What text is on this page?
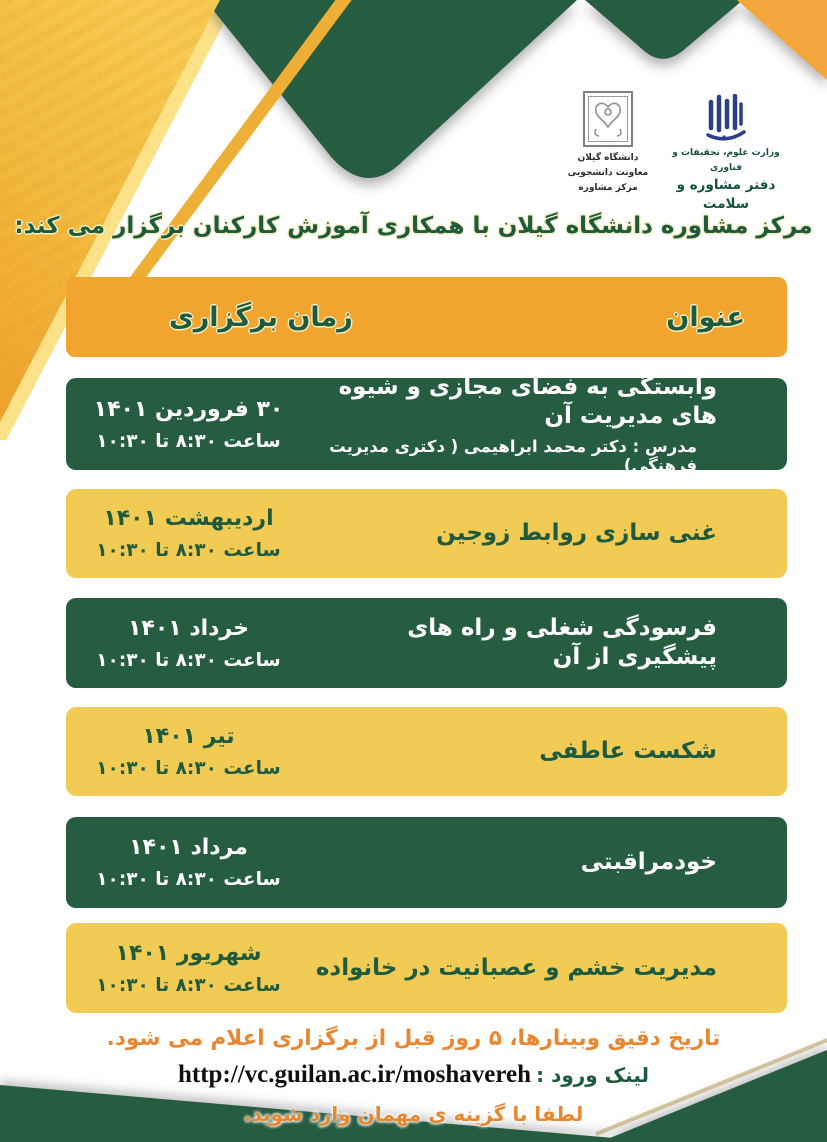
دانشگاه گیلان
معاونت دانشجویی
مرکز مشاوره
وزارت علوم، تحقیقات و فناوری
دفتر مشاوره و سلامت
مرکز مشاوره دانشگاه گیلان با همکاری آموزش کارکنان برگزار می کند:
عنوان
زمان برگزاری
وابستگی به فضای مجازی و شیوه های مدیریت آن
مدرس : دکتر محمد ابراهیمی ( دکتری مدیریت فرهنگی)
۳۰ فروردین ۱۴۰۱
ساعت ۸:۳۰ تا ۱۰:۳۰
غنی سازی روابط زوجین
اردیبهشت ۱۴۰۱
ساعت ۸:۳۰ تا ۱۰:۳۰
فرسودگی شغلی و راه های پیشگیری از آن
خرداد ۱۴۰۱
ساعت ۸:۳۰ تا ۱۰:۳۰
شکست عاطفی
تیر ۱۴۰۱
ساعت ۸:۳۰ تا ۱۰:۳۰
خودمراقبتی
مرداد ۱۴۰۱
ساعت ۸:۳۰ تا ۱۰:۳۰
مدیریت خشم و عصبانیت در خانواده
شهریور ۱۴۰۱
ساعت ۸:۳۰ تا ۱۰:۳۰
تاریخ دقیق وبینارها، ۵ روز قبل از برگزاری اعلام می شود.
لینک ورود : http://vc.guilan.ac.ir/moshavereh
لطفا با گزینه ی مهمان وارد شوید.
